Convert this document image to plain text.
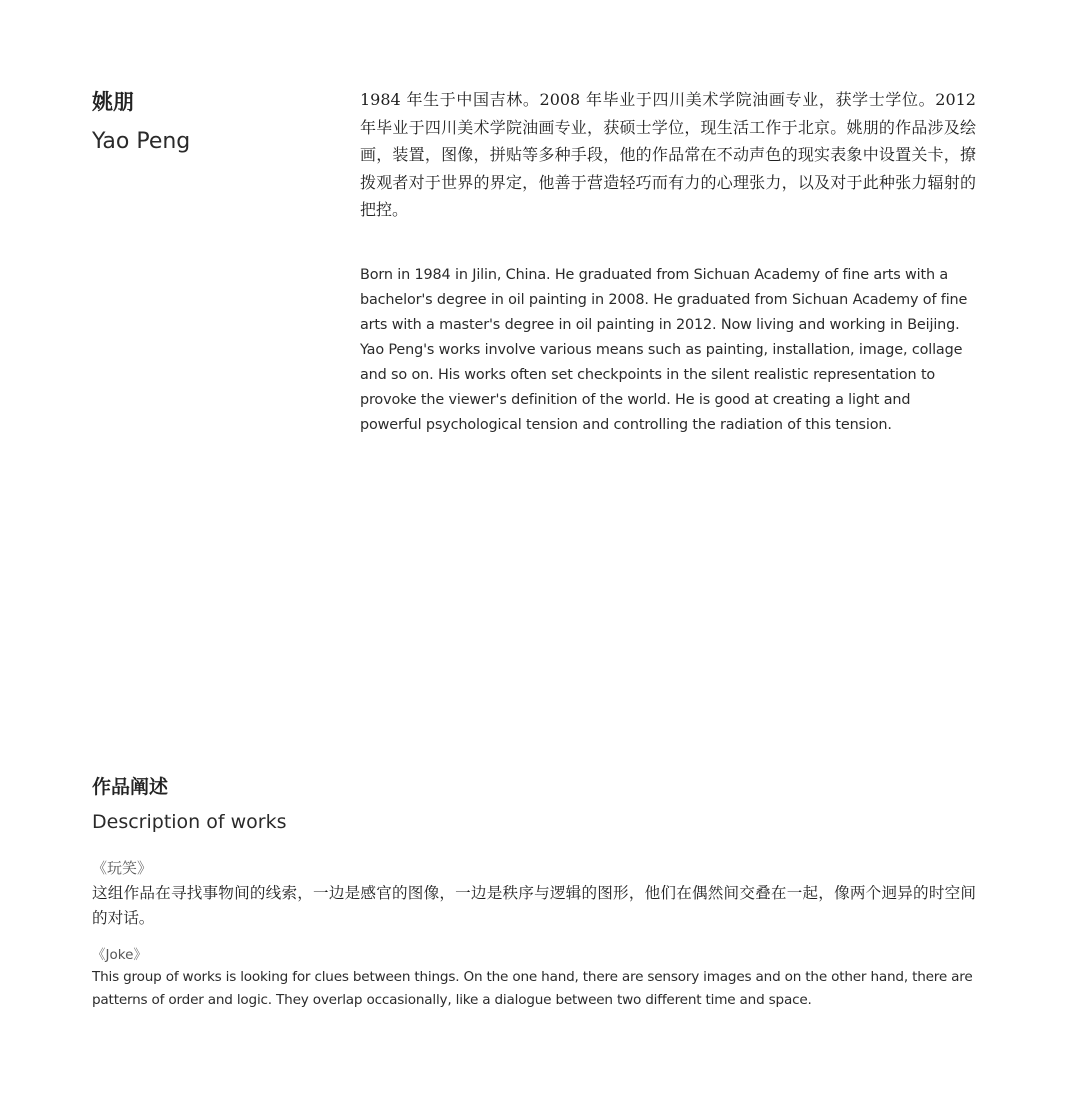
姚朋
Yao Peng

1984 年生于中国吉林。2008 年毕业于四川美术学院油画专业，获学士学位。2012 年毕业于四川美术学院油画专业，获硕士学位，现生活工作于北京。姚朋的作品涉及绘画，装置，图像，拼贴等多种手段，他的作品常在不动声色的现实表象中设置关卡，撩拨观者对于世界的界定，他善于营造轻巧而有力的心理张力，以及对于此种张力辐射的把控。

Born in 1984 in Jilin, China. He graduated from Sichuan Academy of fine arts with a bachelor's degree in oil painting in 2008. He graduated from Sichuan Academy of fine arts with a master's degree in oil painting in 2012. Now living and working in Beijing. Yao Peng's works involve various means such as painting, installation, image, collage and so on. His works often set checkpoints in the silent realistic representation to provoke the viewer's definition of the world. He is good at creating a light and powerful psychological tension and controlling the radiation of this tension.

作品阐述
Description of works
《玩笑》

这组作品在寻找事物间的线索，一边是感官的图像，一边是秩序与逻辑的图形，他们在偶然间交叠在一起，像两个迥异的时空间的对话。

《Joke》

This group of works is looking for clues between things. On the one hand, there are sensory images and on the other hand, there are patterns of order and logic. They overlap occasionally, like a dialogue between two different time and space.
